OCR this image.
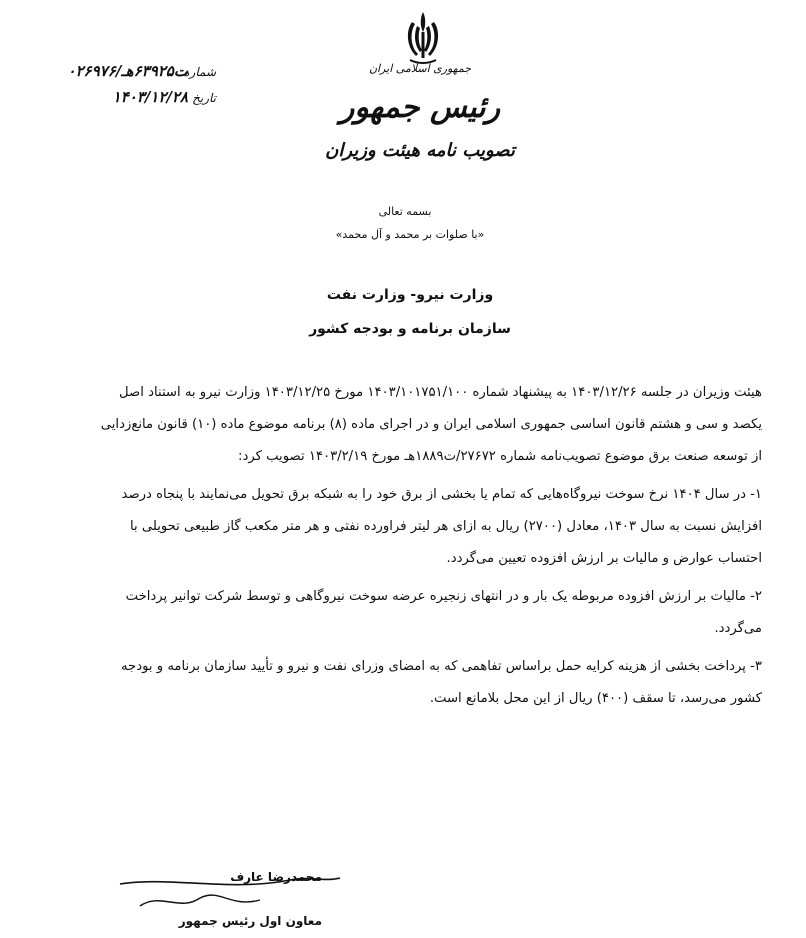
جمهوری اسلامی ایران
رئیس جمهور
تصویب نامه هیئت وزیران
شماره
۰۲۶۹۷۶/ت۶۳۹۲۵هـ
تاریخ
۱۴۰۳/۱۲/۲۸
بسمه تعالی
«با صلوات بر محمد و آل محمد»
وزارت نیرو- وزارت نفت
سازمان برنامه و بودجه کشور

هیئت وزیران در جلسه ۱۴۰۳/۱۲/۲۶ به پیشنهاد شماره ۱۴۰۳/۱۰۱۷۵۱/۱۰۰ مورخ ۱۴۰۳/۱۲/۲۵ وزارت نیرو به استناد اصل یکصد و سی و هشتم قانون اساسی جمهوری اسلامی ایران و در اجرای ماده (۸) برنامه موضوع ماده (۱۰) قانون مانع‌زدایی از توسعه صنعت برق موضوع تصویب‌نامه شماره ۲۷۶۷۲/ت۱۸۸۹هـ مورخ ۱۴۰۳/۲/۱۹ تصویب کرد:

۱- در سال ۱۴۰۴ نرخ سوخت نیروگاه‌هایی که تمام یا بخشی از برق خود را به شبکه برق تحویل می‌نمایند با پنجاه درصد افزایش نسبت به سال ۱۴۰۳، معادل (۲۷۰۰) ریال به ازای هر لیتر فراورده نفتی و هر متر مکعب گاز طبیعی تحویلی با احتساب عوارض و مالیات بر ارزش افزوده تعیین می‌گردد.

۲- مالیات بر ارزش افزوده مربوطه یک بار و در انتهای زنجیره عرضه سوخت نیروگاهی و توسط شرکت توانیر پرداخت می‌گردد.

۳- پرداخت بخشی از هزینه کرایه حمل براساس تفاهمی که به امضای وزرای نفت و نیرو و تأیید سازمان برنامه و بودجه کشور می‌رسد، تا سقف (۴۰۰) ریال از این محل بلامانع است.

محمدرضا عارف
معاون اول رئیس جمهور
